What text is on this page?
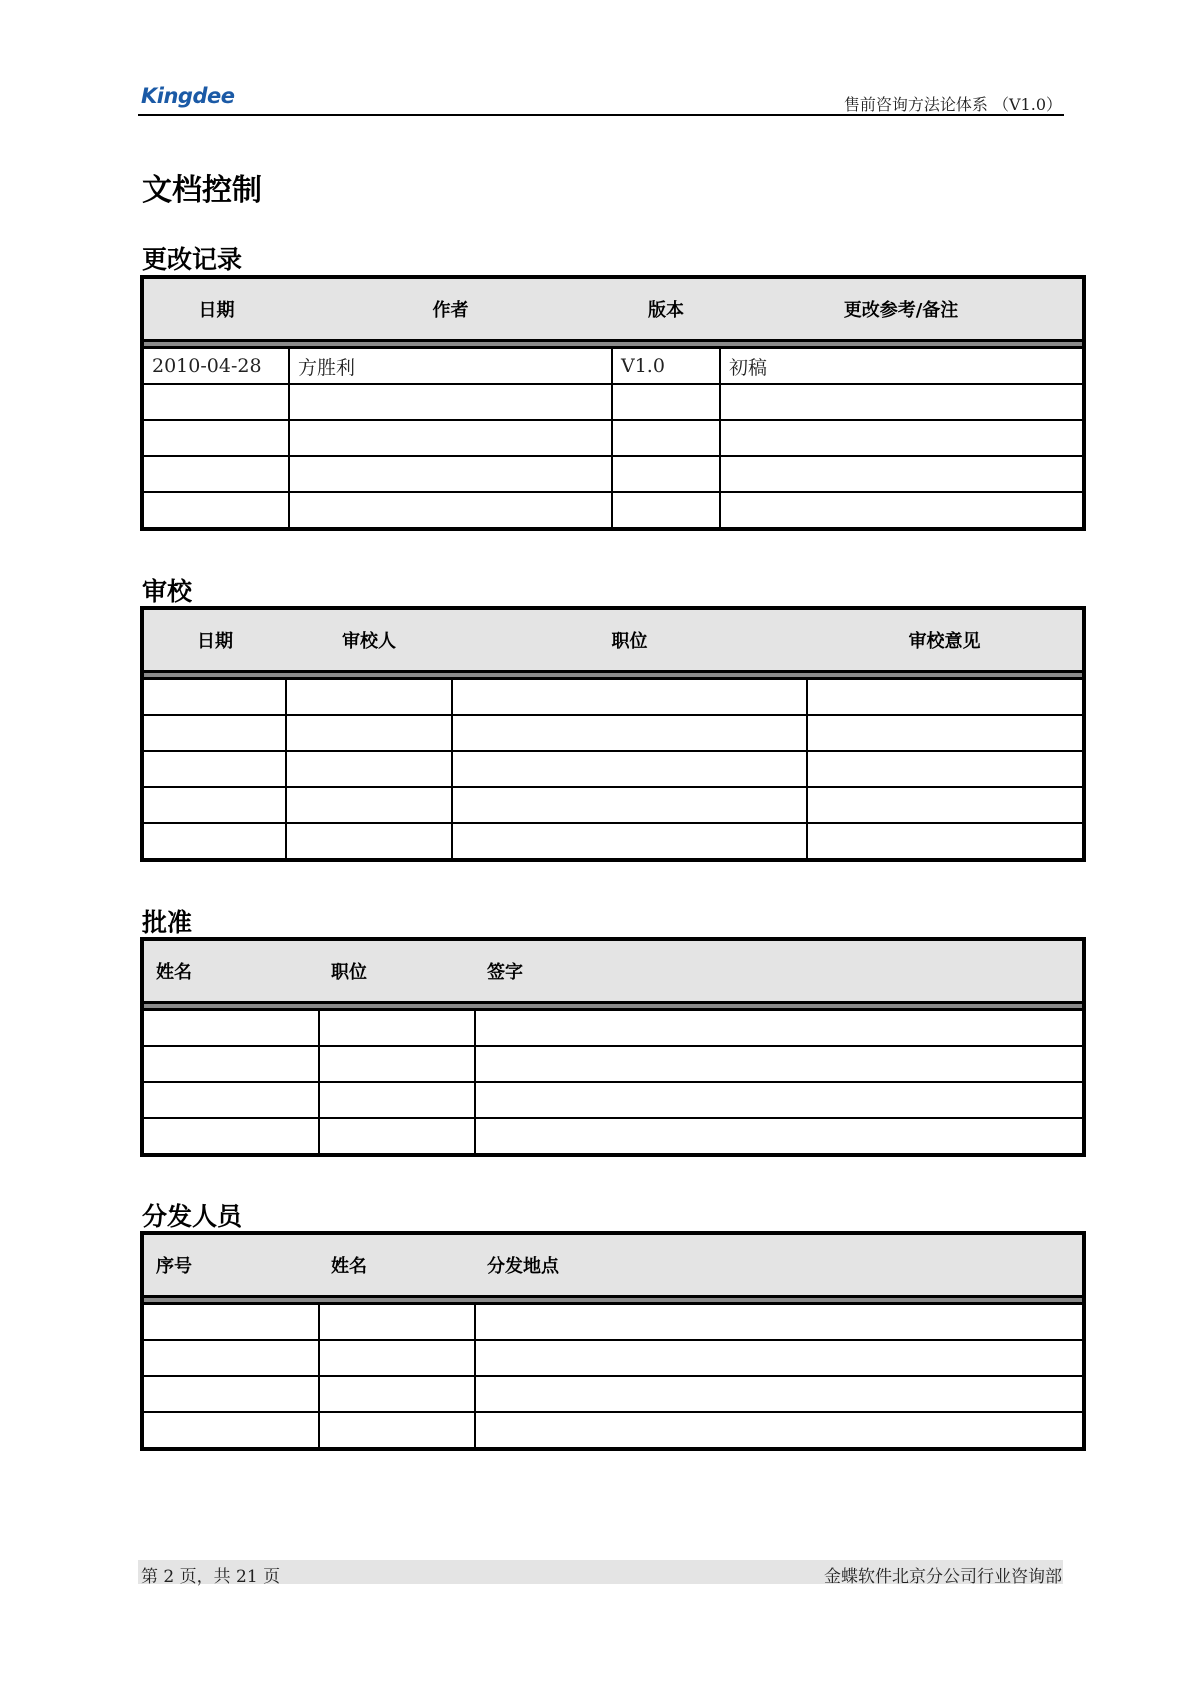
Kingdee	售前咨询方法论体系 （V1.0）
文档控制
更改记录
日期	作者	版本	更改参考/备注

2010-04-28	方胜利	V1.0	初稿

审校
日期	审校人	职位	审校意见

批准
姓名	职位	签字

分发人员
序号	姓名	分发地点

第 2 页，共 21 页	金蝶软件北京分公司行业咨询部
